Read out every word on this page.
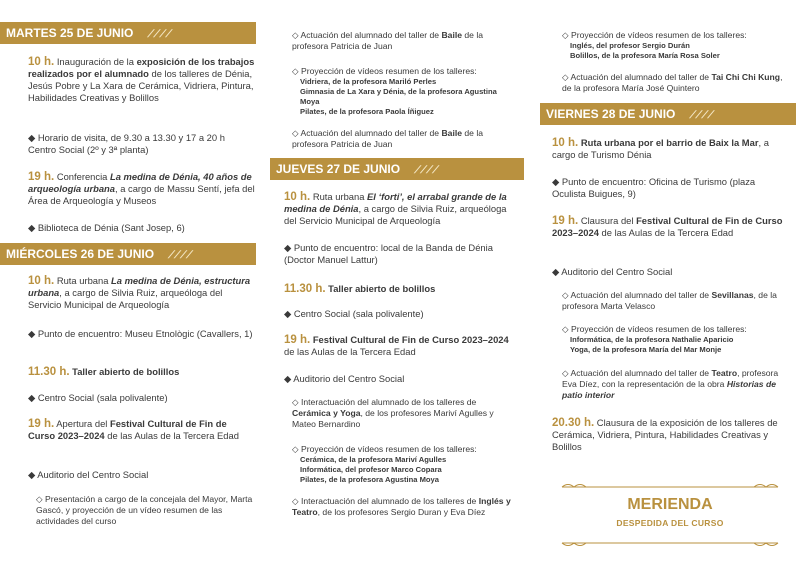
MARTES 25 DE JUNIO ⟋⟋⟋⟋
10 h. Inauguración de la exposición de los trabajos realizados por el alumnado de los talleres de Dénia, Jesús Pobre y La Xara de Cerámica, Vidriera, Pintura, Habilidades Creativas y Bolillos
◆ Horario de visita, de 9.30 a 13.30 y 17 a 20 h Centro Social (2º y 3ª planta)
19 h. Conferencia La medina de Dénia, 40 años de arqueología urbana, a cargo de Massu Sentí, jefa del Área de Arqueología y Museos
◆ Biblioteca de Dénia (Sant Josep, 6)
MIÉRCOLES 26 DE JUNIO ⟋⟋⟋⟋
10 h. Ruta urbana La medina de Dénia, estructura urbana, a cargo de Silvia Ruiz, arqueóloga del Servicio Municipal de Arqueología
◆ Punto de encuentro: Museu Etnològic (Cavallers, 1)
11.30 h. Taller abierto de bolillos
◆ Centro Social (sala polivalente)
19 h. Apertura del Festival Cultural de Fin de Curso 2023–2024 de las Aulas de la Tercera Edad
◆ Auditorio del Centro Social
◇ Presentación a cargo de la concejala del Mayor, Marta Gascó, y proyección de un vídeo resumen de las actividades del curso
◇ Actuación del alumnado del taller de Baile de la profesora Patricia de Juan
◇ Proyección de vídeos resumen de los talleres:
Vidriera, de la profesora Mariló Perles
Gimnasia de La Xara y Dénia, de la profesora Agustina Moya
Pilates, de la profesora Paola Íñiguez
◇ Actuación del alumnado del taller de Baile de la profesora Patricia de Juan
JUEVES 27 DE JUNIO ⟋⟋⟋⟋
10 h. Ruta urbana El ‘forti’, el arrabal grande de la medina de Dénia, a cargo de Silvia Ruiz, arqueóloga del Servicio Municipal de Arqueología
◆ Punto de encuentro: local de la Banda de Dénia (Doctor Manuel Lattur)
11.30 h. Taller abierto de bolillos
◆ Centro Social (sala polivalente)
19 h. Festival Cultural de Fin de Curso 2023–2024 de las Aulas de la Tercera Edad
◆ Auditorio del Centro Social
◇ Interactuación del alumnado de los talleres de Cerámica y Yoga, de los profesores Mariví Agulles y Mateo Bernardino
◇ Proyección de vídeos resumen de los talleres:
Cerámica, de la profesora Mariví Agulles
Informática, del profesor Marco Copara
Pilates, de la profesora Agustina Moya
◇ Interactuación del alumnado de los talleres de Inglés y Teatro, de los profesores Sergio Duran y Eva Díez
◇ Proyección de vídeos resumen de los talleres:
Inglés, del profesor Sergio Durán
Bolillos, de la profesora María Rosa Soler
◇ Actuación del alumnado del taller de Tai Chi Chi Kung, de la profesora María José Quintero
VIERNES 28 DE JUNIO ⟋⟋⟋⟋
10 h. Ruta urbana por el barrio de Baix la Mar, a cargo de Turismo Dénia
◆ Punto de encuentro: Oficina de Turismo (plaza Oculista Buigues, 9)
19 h. Clausura del Festival Cultural de Fin de Curso 2023–2024 de las Aulas de la Tercera Edad
◆ Auditorio del Centro Social
◇ Actuación del alumnado del taller de Sevillanas, de la profesora Marta Velasco
◇ Proyección de vídeos resumen de los talleres:
Informática, de la profesora Nathalie Aparicio
Yoga, de la profesora María del Mar Monje
◇ Actuación del alumnado del taller de Teatro, profesora Eva Díez, con la representación de la obra Historias de patio interior
20.30 h. Clausura de la exposición de los talleres de Cerámica, Vidriera, Pintura, Habilidades Creativas y Bolillos
MERIENDA
DESPEDIDA DEL CURSO
